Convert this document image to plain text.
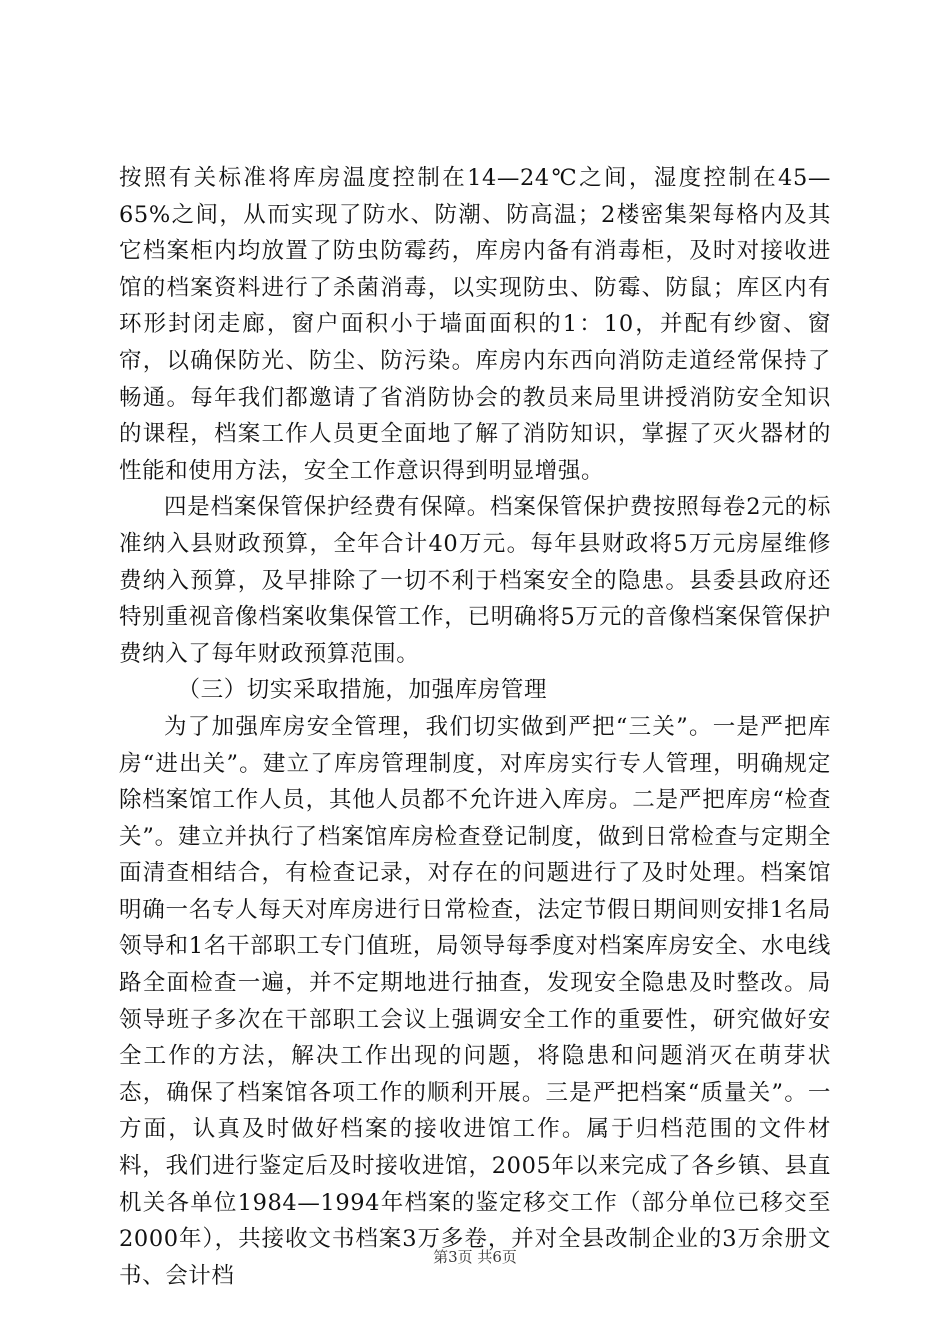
按照有关标准将库房温度控制在14—24℃之间，湿度控制在45—65%之间，从而实现了防水、防潮、防高温；2楼密集架每格内及其它档案柜内均放置了防虫防霉药，库房内备有消毒柜，及时对接收进馆的档案资料进行了杀菌消毒，以实现防虫、防霉、防鼠；库区内有环形封闭走廊，窗户面积小于墙面面积的1：10，并配有纱窗、窗帘，以确保防光、防尘、防污染。库房内东西向消防走道经常保持了畅通。每年我们都邀请了省消防协会的教员来局里讲授消防安全知识的课程，档案工作人员更全面地了解了消防知识，掌握了灭火器材的性能和使用方法，安全工作意识得到明显增强。

四是档案保管保护经费有保障。档案保管保护费按照每卷2元的标准纳入县财政预算，全年合计40万元。每年县财政将5万元房屋维修费纳入预算，及早排除了一切不利于档案安全的隐患。县委县政府还特别重视音像档案收集保管工作，已明确将5万元的音像档案保管保护费纳入了每年财政预算范围。

（三）切实采取措施，加强库房管理

为了加强库房安全管理，我们切实做到严把“三关”。一是严把库房“进出关”。建立了库房管理制度，对库房实行专人管理，明确规定除档案馆工作人员，其他人员都不允许进入库房。二是严把库房“检查关”。建立并执行了档案馆库房检查登记制度，做到日常检查与定期全面清查相结合，有检查记录，对存在的问题进行了及时处理。档案馆明确一名专人每天对库房进行日常检查，法定节假日期间则安排1名局领导和1名干部职工专门值班，局领导每季度对档案库房安全、水电线路全面检查一遍，并不定期地进行抽查，发现安全隐患及时整改。局领导班子多次在干部职工会议上强调安全工作的重要性，研究做好安全工作的方法，解决工作出现的问题，将隐患和问题消灭在萌芽状态，确保了档案馆各项工作的顺利开展。三是严把档案“质量关”。一方面，认真及时做好档案的接收进馆工作。属于归档范围的文件材料，我们进行鉴定后及时接收进馆，2005年以来完成了各乡镇、县直机关各单位1984—1994年档案的鉴定移交工作（部分单位已移交至2000年），共接收文书档案3万多卷，并对全县改制企业的3万余册文书、会计档

第3页 共6页
